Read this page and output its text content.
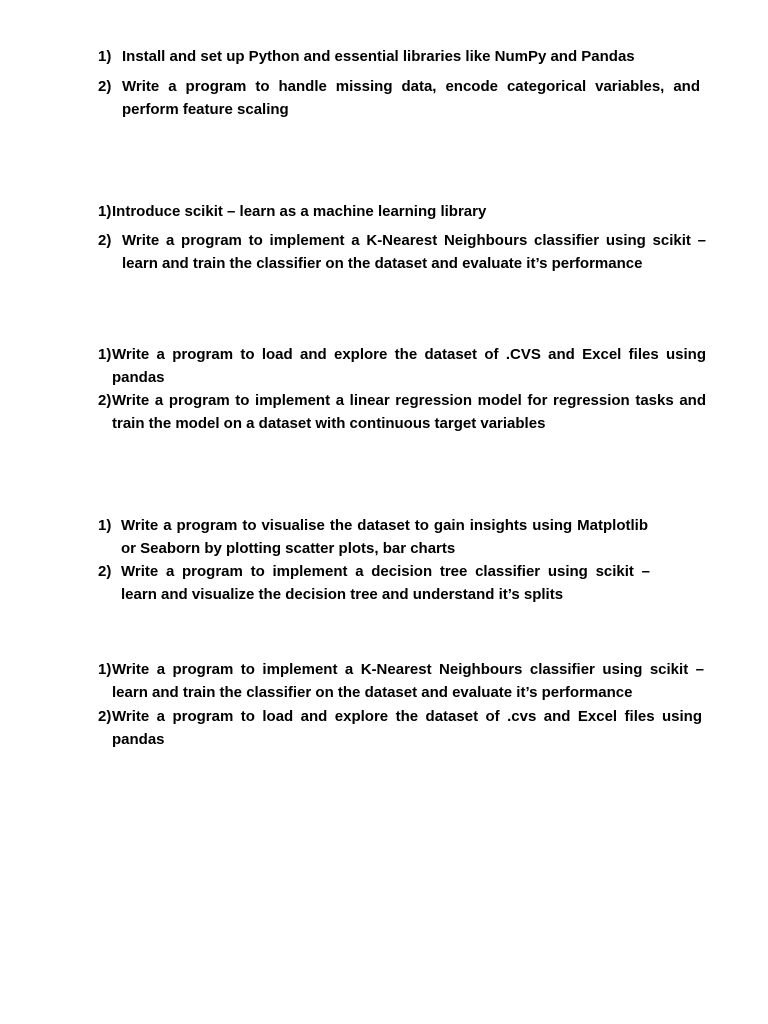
1) Install and set up Python and essential libraries like NumPy and Pandas
2) Write a program to handle missing data, encode categorical variables, and perform feature scaling
1) Introduce scikit – learn as a machine learning library
2) Write a program to implement a K-Nearest Neighbours classifier using scikit – learn and train the classifier on the dataset and evaluate it’s performance
1) Write a program to load and explore the dataset of .CVS and Excel files using pandas
2) Write a program to implement a linear regression model for regression tasks and train the model on a dataset with continuous target variables
1) Write a program to visualise the dataset to gain insights using Matplotlib or Seaborn by plotting scatter plots, bar charts
2) Write a program to implement a decision tree classifier using scikit – learn and visualize the decision tree and understand it’s splits
1) Write a program to implement a K-Nearest Neighbours classifier using scikit – learn and train the classifier on the dataset and evaluate it’s performance
2) Write a program to load and explore the dataset of .cvs and Excel files using pandas
